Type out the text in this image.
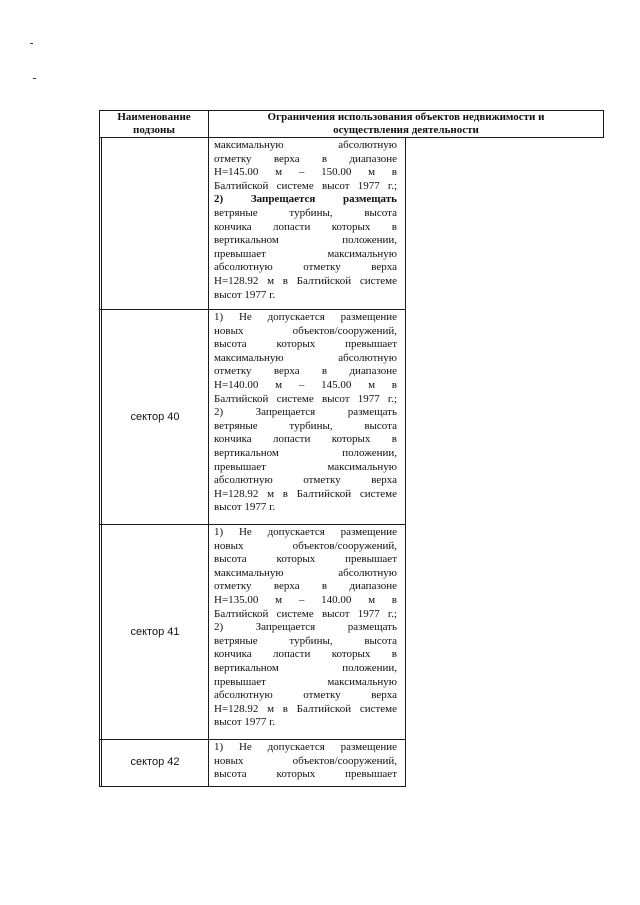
Наименование
подзоны
Ограничения использования объектов недвижимости и
осуществления деятельности
максимальную абсолютную
отметку верха в диапазоне
Н=145.00 м – 150.00 м в
Балтийской системе высот 1977 г.;
2) Запрещается размещать
ветряные турбины, высота
кончика лопасти которых в
вертикальном положении,
превышает максимальную
абсолютную отметку верха
Н=128.92 м в Балтийской системе
высот 1977 г.
сектор 40
1) Не допускается размещение
новых объектов/сооружений,
высота которых превышает
максимальную абсолютную
отметку верха в диапазоне
Н=140.00 м – 145.00 м в
Балтийской системе высот 1977 г.;
2) Запрещается размещать
ветряные турбины, высота
кончика лопасти которых в
вертикальном положении,
превышает максимальную
абсолютную отметку верха
Н=128.92 м в Балтийской системе
высот 1977 г.
сектор 41
1) Не допускается размещение
новых объектов/сооружений,
высота которых превышает
максимальную абсолютную
отметку верха в диапазоне
Н=135.00 м – 140.00 м в
Балтийской системе высот 1977 г.;
2) Запрещается размещать
ветряные турбины, высота
кончика лопасти которых в
вертикальном положении,
превышает максимальную
абсолютную отметку верха
Н=128.92 м в Балтийской системе
высот 1977 г.
сектор 42
1) Не допускается размещение
новых объектов/сооружений,
высота которых превышает
